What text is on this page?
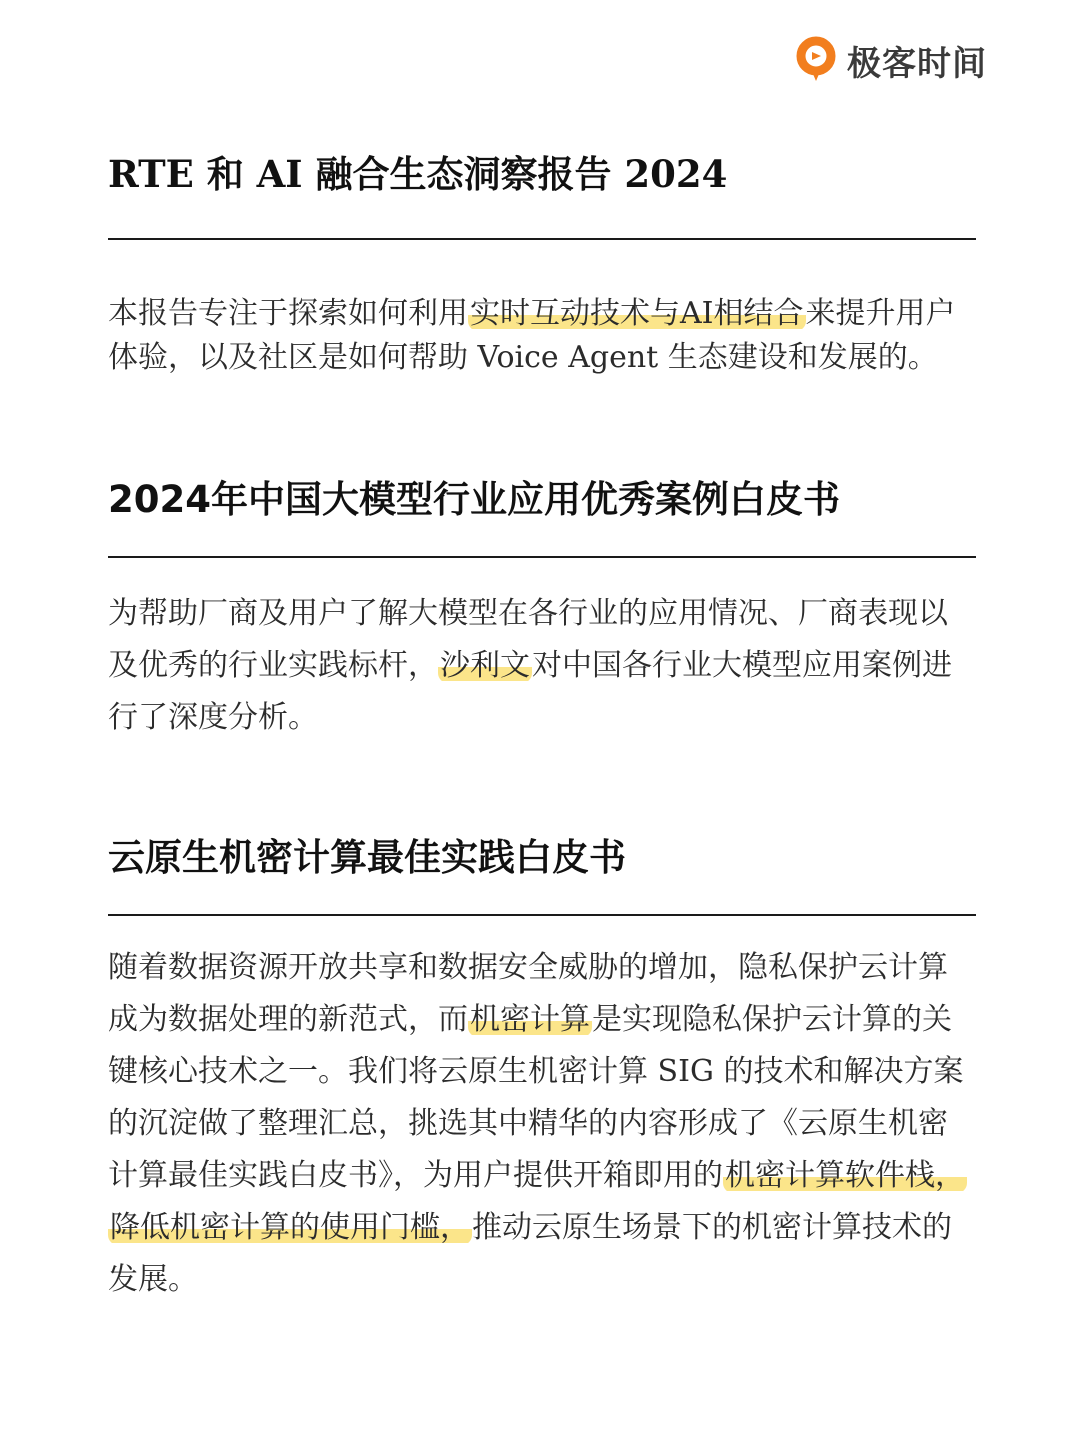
极客时间
RTE 和 AI 融合生态洞察报告 2024

本报告专注于探索如何利用实时互动技术与AI相结合来提升用户体验，以及社区是如何帮助 Voice Agent 生态建设和发展的。

2024年中国大模型行业应用优秀案例白皮书

为帮助厂商及用户了解大模型在各行业的应用情况、厂商表现以及优秀的行业实践标杆，沙利文对中国各行业大模型应用案例进行了深度分析。

云原生机密计算最佳实践白皮书

随着数据资源开放共享和数据安全威胁的增加，隐私保护云计算成为数据处理的新范式，而机密计算是实现隐私保护云计算的关键核心技术之一。我们将云原生机密计算 SIG 的技术和解决方案的沉淀做了整理汇总，挑选其中精华的内容形成了《云原生机密计算最佳实践白皮书》，为用户提供开箱即用的机密计算软件栈，降低机密计算的使用门槛，推动云原生场景下的机密计算技术的发展。
